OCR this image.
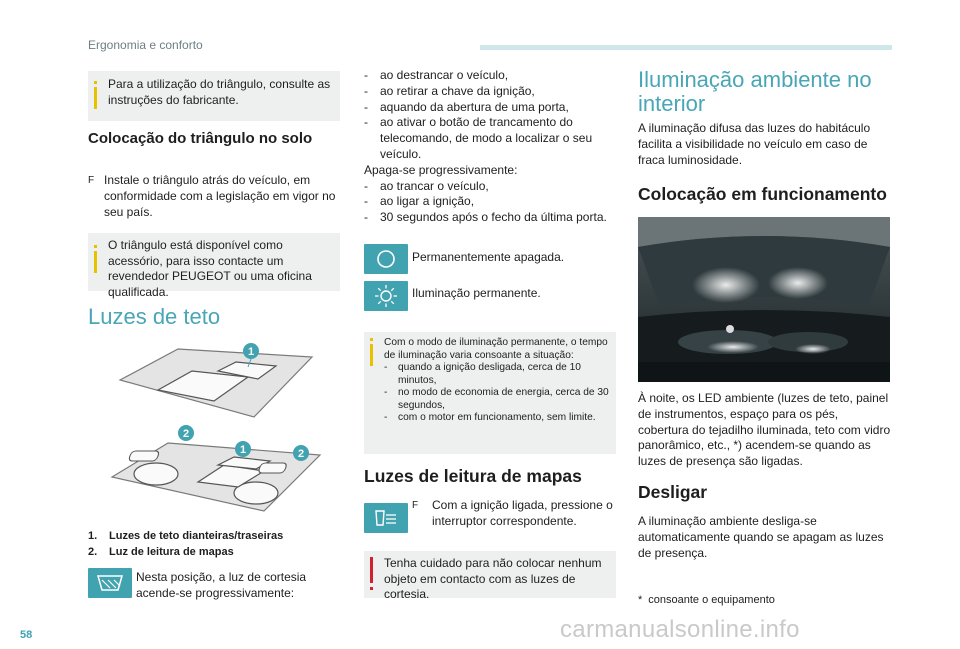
Ergonomia e conforto
Para a utilização do triângulo, consulte as instruções do fabricante.
Colocação do triângulo no solo
F Instale o triângulo atrás do veículo, em conformidade com a legislação em vigor no seu país.
O triângulo está disponível como acessório, para isso contacte um revendedor PEUGEOT ou uma oficina qualificada.
Luzes de teto
1
2
1	2
1. Luzes de teto dianteiras/traseiras
2. Luz de leitura de mapas
Nesta posição, a luz de cortesia acende-se progressivamente:
- ao destrancar o veículo,
- ao retirar a chave da ignição,
- aquando da abertura de uma porta,
- ao ativar o botão de trancamento do telecomando, de modo a localizar o seu veículo.
Apaga-se progressivamente:
- ao trancar o veículo,
- ao ligar a ignição,
- 30 segundos após o fecho da última porta.
Permanentemente apagada.
Iluminação permanente.
Com o modo de iluminação permanente, o tempo de iluminação varia consoante a situação:
- quando a ignição desligada, cerca de 10 minutos,
- no modo de economia de energia, cerca de 30 segundos,
- com o motor em funcionamento, sem limite.
Luzes de leitura de mapas
F	Com a ignição ligada, pressione o interruptor correspondente.
Tenha cuidado para não colocar nenhum objeto em contacto com as luzes de cortesia.
Iluminação ambiente no interior
A iluminação difusa das luzes do habitáculo facilita a visibilidade no veículo em caso de fraca luminosidade.
Colocação em funcionamento
À noite, os LED ambiente (luzes de teto, painel de instrumentos, espaço para os pés, cobertura do tejadilho iluminada, teto com vidro panorâmico, etc., *) acendem-se quando as luzes de presença são ligadas.
Desligar
A iluminação ambiente desliga-se automaticamente quando se apagam as luzes de presença.
* consoante o equipamento
58	carmanualsonline.info
